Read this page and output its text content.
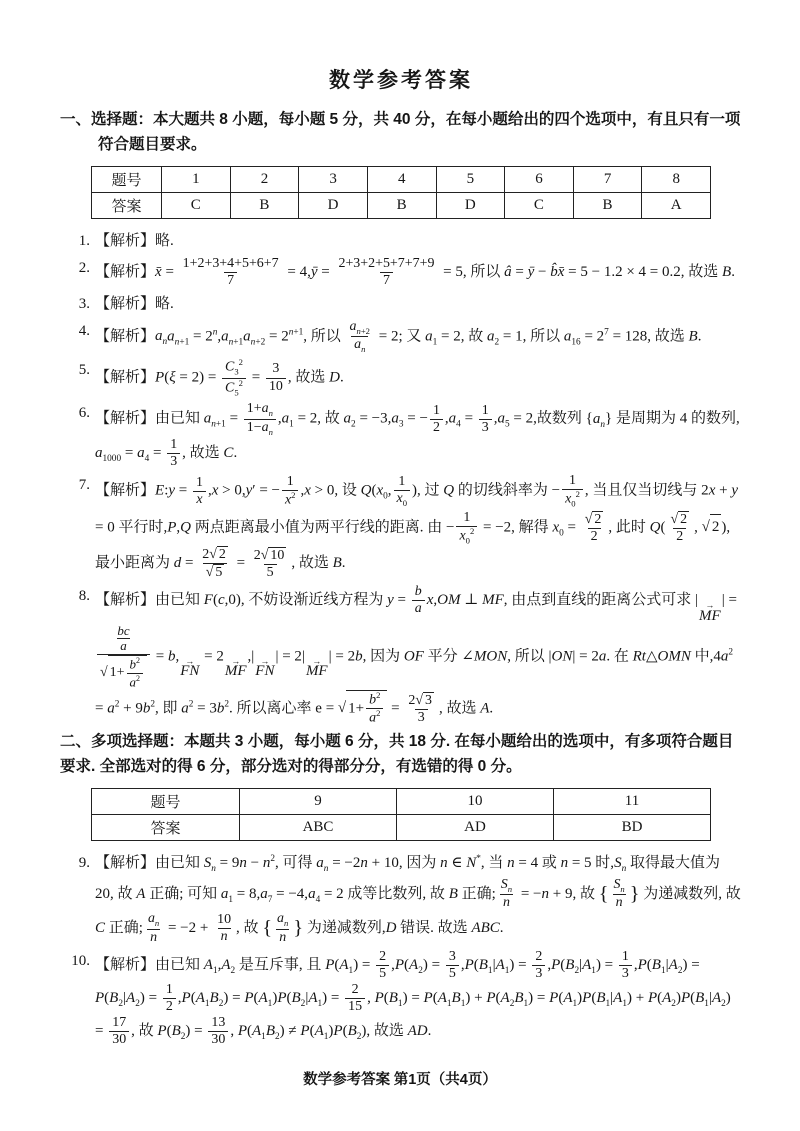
数学参考答案
一、选择题：本大题共 8 小题，每小题 5 分，共 40 分，在每小题给出的四个选项中，有且只有一项符合题目要求。
题号	1	2	3	4	5	6	7	8
答案	C	B	D	B	D	C	B	A
1. 【解析】略.
2. 【解析】x̄ = $\frac{1+2+3+4+5+6+7}{7}$ = 4,ȳ = $\frac{2+3+2+5+7+7+9}{7} = 5$, 所以 â = ȳ − b̂x̄ = 5 − 1.2 × 4 = 0.2, 故选 B.
3. 【解析】略.
4. 【解析】$a_na_{n+1} = 2^n,a_{n+1}a_{n+2} = 2^{n+1}$, 所以 $\frac{a_{n+2}}{a_n} = 2$; 又 $a_1 = 2$, 故 $a_2 = 1$, 所以 $a_{16} = 2^7 = 128$, 故选 B.
5. 【解析】$P(\xi = 2) = \frac{C_3^2}{C_5^2} = \frac{3}{10}$ , 故选 D.
6. 【解析】由已知 $a_{n+1} = \frac{1+a_n}{1-a_n} ,a_1 = 2$, 故 $a_2 = -3,a_3$ = − $\frac{1}{2} ,a_4 = \frac{1}{3} ,a_5 = 2$,故数列 $\{a_n\}$ 是周期为 4 的数列, $a_{1000} = a_4 = \frac{1}{3}$ , 故选 C.
7. 【解析】E:y = $\frac{1}{x} ,x > 0,y'$ = − $\frac{1}{x^2} ,x > 0$, 设 $Q(x_0$, $\frac{1}{x_0}$ ), 过 Q 的切线斜率为 − $\frac{1}{x_0^2}$ , 当且仅当切线与 2x + y = 0 平行时,P,Q 两点距离最小值为两平行线的距离. 由 − $\frac{1}{x_0^2} = -2$, 解得 $x_0$ = √ $\frac{2}{2}$ , 此时 Q( √ $\frac{2}{2}$ , √ 2 ), 最小距离为 d = 2 √ 2
√ $5 = \frac{2 √ 10}{5}$ , 故选 B.
8. 【解析】由已知 F(c,0), 不妨设渐近线方程为 $y = \frac{b}{a} x,OM$ ⊥ MF, 由点到直线的距离公式可求 | →
MF
| =
$\frac{bc}{a}$
√ $1+ \frac{b^2}{a^2}$
= b, →
FN
= 2 →
MF
,| →
FN
| = 2| →
MF
| = 2b, 因为 OF 平分 ∠MON, 所以 |ON| = 2a. 在 Rt△OMN 中$,4a^2 = a^2 + 9b^2$, 即 $a^2 = 3b^2$. 所以离心率 e = √ $1+ \frac{b^2}{a^2} = \frac{2 √ 3}{3}$ , 故选 A.
二、多项选择题：本题共 3 小题，每小题 6 分，共 18 分. 在每小题给出的选项中，有多项符合题目要求. 全部选对的得 6 分，部分选对的得部分分，有选错的得 0 分。
题号	9	10	11
答案	ABC	AD	BD
9. 【解析】由已知 $S_n = 9n - n^2$, 可得 $a_n = -2n + 10$, 因为 n ∈ N*, 当 n = 4 或 n = 5 时$,S_n$ 取得最大值为 20, 故 A 正确; 可知 $a_1 = 8,a_7 = -4,a_4 = 2$ 成等比数列, 故 B 正确; $\frac{S_n}{n} = -n + 9$, 故 { $\frac{S_n}{n}$ } 为递减数列, 故 C 正确; $\frac{a_n}{n} = -2 + \frac{10}{n}$ , 故 { $\frac{a_n}{n}$ } 为递减数列,D 错误. 故选 ABC.
10. 【解析】由已知 $A_1,A_2$ 是互斥事, 且 $P(A_1) = \frac{2}{5} ,P(A_2) = \frac{3}{5} ,P(B_1|A_1) = \frac{2}{3} ,P(B_2|A_1) = \frac{1}{3} ,P(B_1|A_2) = P(B_2|A_2) = \frac{1}{2} ,P(A_1B_2) = P(A_1)P(B_2|A_1) = \frac{2}{15}$ , $P(B_1) = P(A_1B_1) + P(A_2B_1) = P(A_1)P(B_1|A_1) + P(A_2)P(B_1|A_2) = \frac{17}{30}$ , 故 $P(B_2) = \frac{13}{30}$ , $P(A_1B_2) \ne P(A_1)P(B_2)$, 故选 AD.
数学参考答案 第1页（共4页）
